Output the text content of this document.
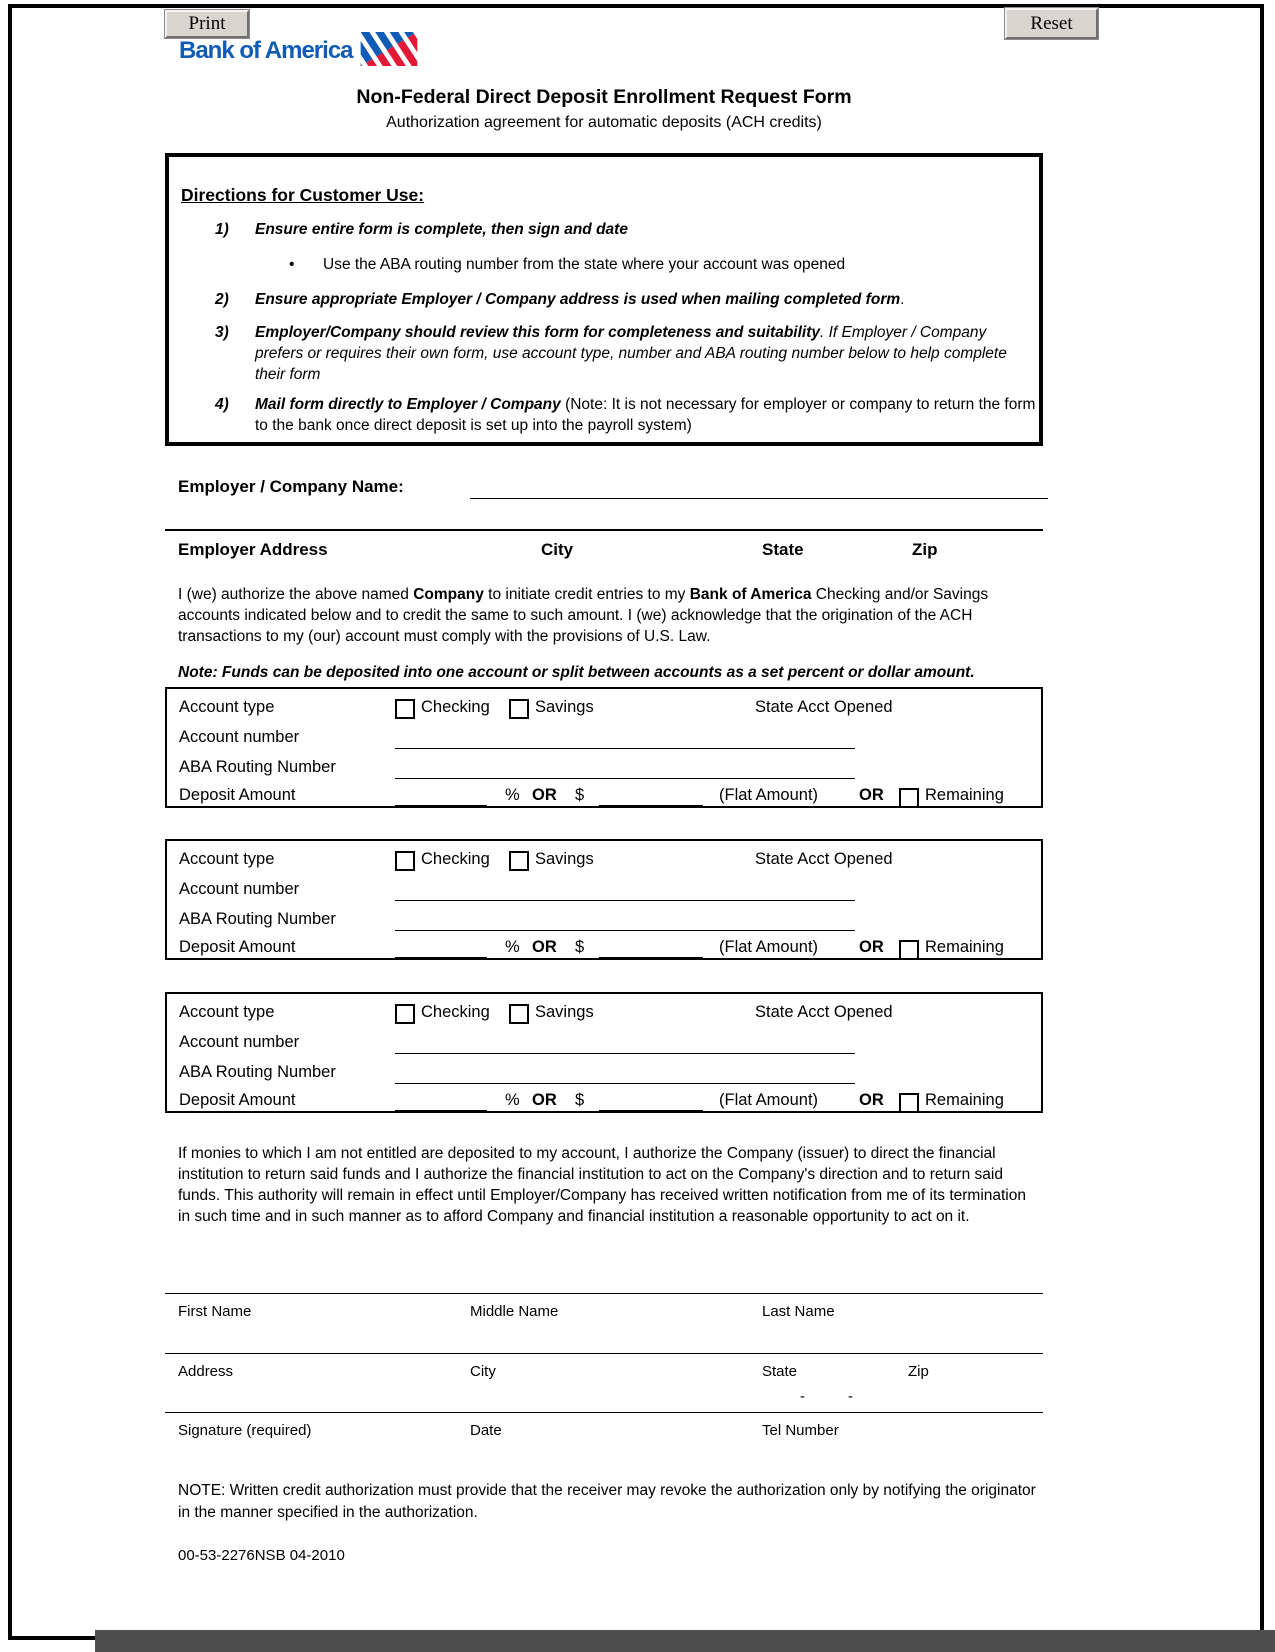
Print	Reset
Bank of America
Non-Federal Direct Deposit Enrollment Request Form
Authorization agreement for automatic deposits (ACH credits)
Directions for Customer Use:
1)	Ensure entire form is complete, then sign and date
• Use the ABA routing number from the state where your account was opened
2)	Ensure appropriate Employer / Company address is used when mailing completed form.
3)	Employer/Company should review this form for completeness and suitability. If Employer / Company prefers or requires their own form, use account type, number and ABA routing number below to help complete their form
4)	Mail form directly to Employer / Company (Note: It is not necessary for employer or company to return the form to the bank once direct deposit is set up into the payroll system)
Employer / Company Name:
Employer Address	City	State	Zip
I (we) authorize the above named Company to initiate credit entries to my Bank of America Checking and/or Savings accounts indicated below and to credit the same to such amount. I (we) acknowledge that the origination of the ACH transactions to my (our) account must comply with the provisions of U.S. Law.
Note: Funds can be deposited into one account or split between accounts as a set percent or dollar amount.
Account type	Checking	Savings	State Acct Opened
Account number
ABA Routing Number
Deposit Amount	% OR $	(Flat Amount) OR	Remaining
Account type	Checking	Savings	State Acct Opened
Account number
ABA Routing Number
Deposit Amount	% OR $	(Flat Amount) OR	Remaining
Account type	Checking	Savings	State Acct Opened
Account number
ABA Routing Number
Deposit Amount	% OR $	(Flat Amount) OR	Remaining
If monies to which I am not entitled are deposited to my account, I authorize the Company (issuer) to direct the financial institution to return said funds and I authorize the financial institution to act on the Company's direction and to return said funds. This authority will remain in effect until Employer/Company has received written notification from me of its termination in such time and in such manner as to afford Company and financial institution a reasonable opportunity to act on it.
First Name	Middle Name	Last Name
Address	City	State	Zip
-	-
Signature (required)	Date	Tel Number
NOTE: Written credit authorization must provide that the receiver may revoke the authorization only by notifying the originator in the manner specified in the authorization.
00-53-2276NSB 04-2010
